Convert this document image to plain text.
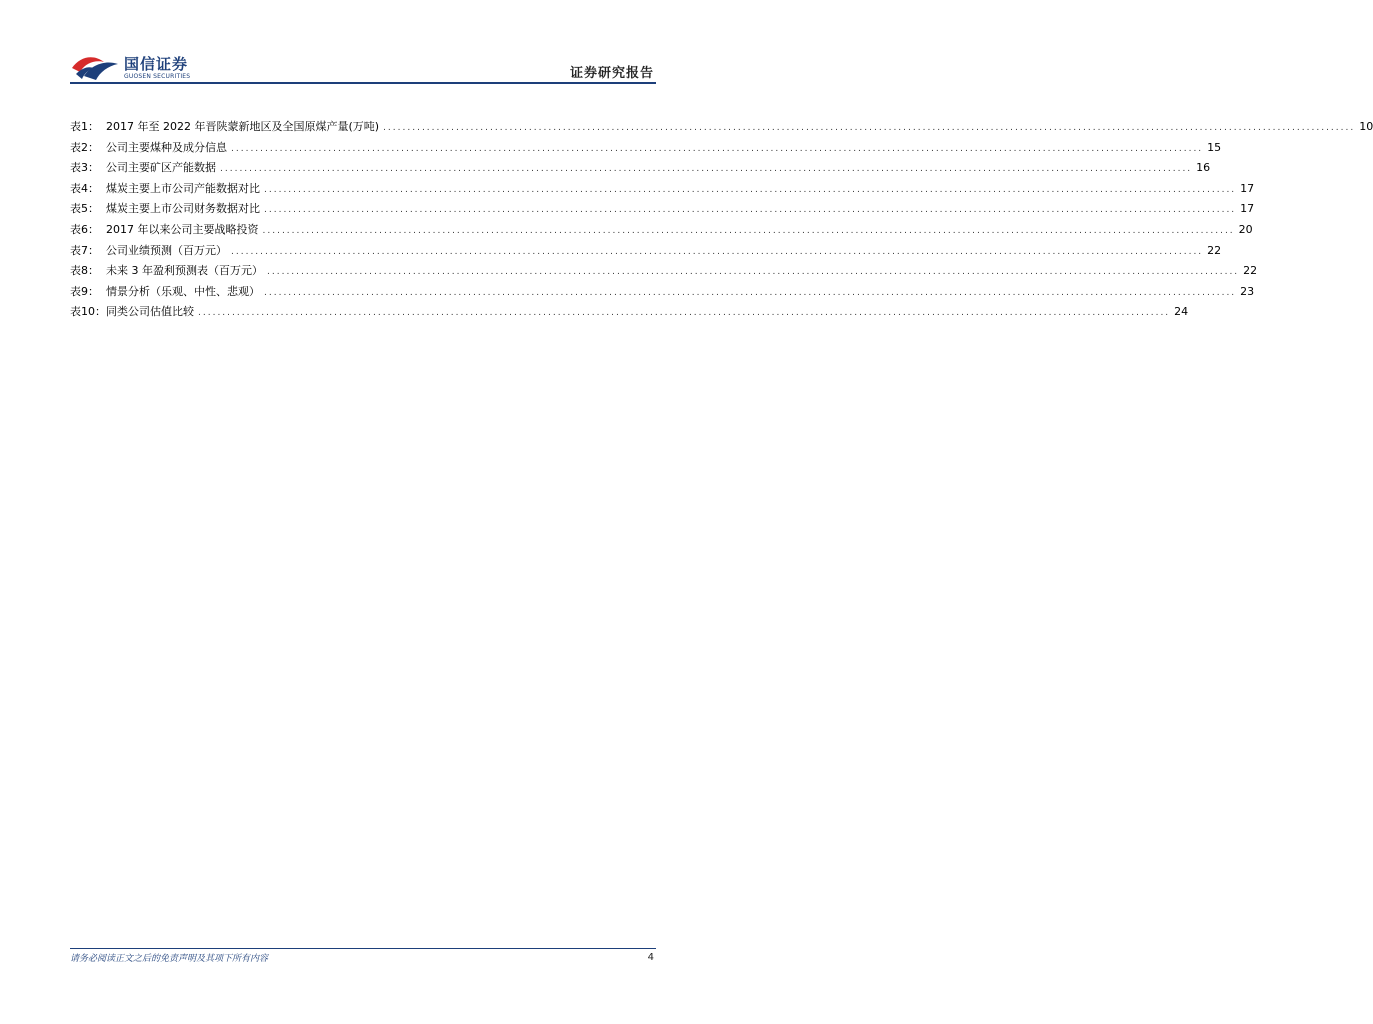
国信证券
GUOSEN SECURITIES	证券研究报告
表1： 2017 年至 2022 年晋陕蒙新地区及全国原煤产量(万吨) ........................................................................................................................................................................................................ 10
表2： 公司主要煤种及成分信息 ........................................................................................................................................................................................................ 15
表3： 公司主要矿区产能数据 ........................................................................................................................................................................................................ 16
表4： 煤炭主要上市公司产能数据对比 ........................................................................................................................................................................................................ 17
表5： 煤炭主要上市公司财务数据对比 ........................................................................................................................................................................................................ 17
表6： 2017 年以来公司主要战略投资 ........................................................................................................................................................................................................ 20
表7： 公司业绩预测（百万元） ........................................................................................................................................................................................................ 22
表8： 未来 3 年盈利预测表（百万元） ........................................................................................................................................................................................................ 22
表9： 情景分析（乐观、中性、悲观） ........................................................................................................................................................................................................ 23
表10： 同类公司估值比较 ........................................................................................................................................................................................................ 24
请务必阅读正文之后的免责声明及其项下所有内容	4
